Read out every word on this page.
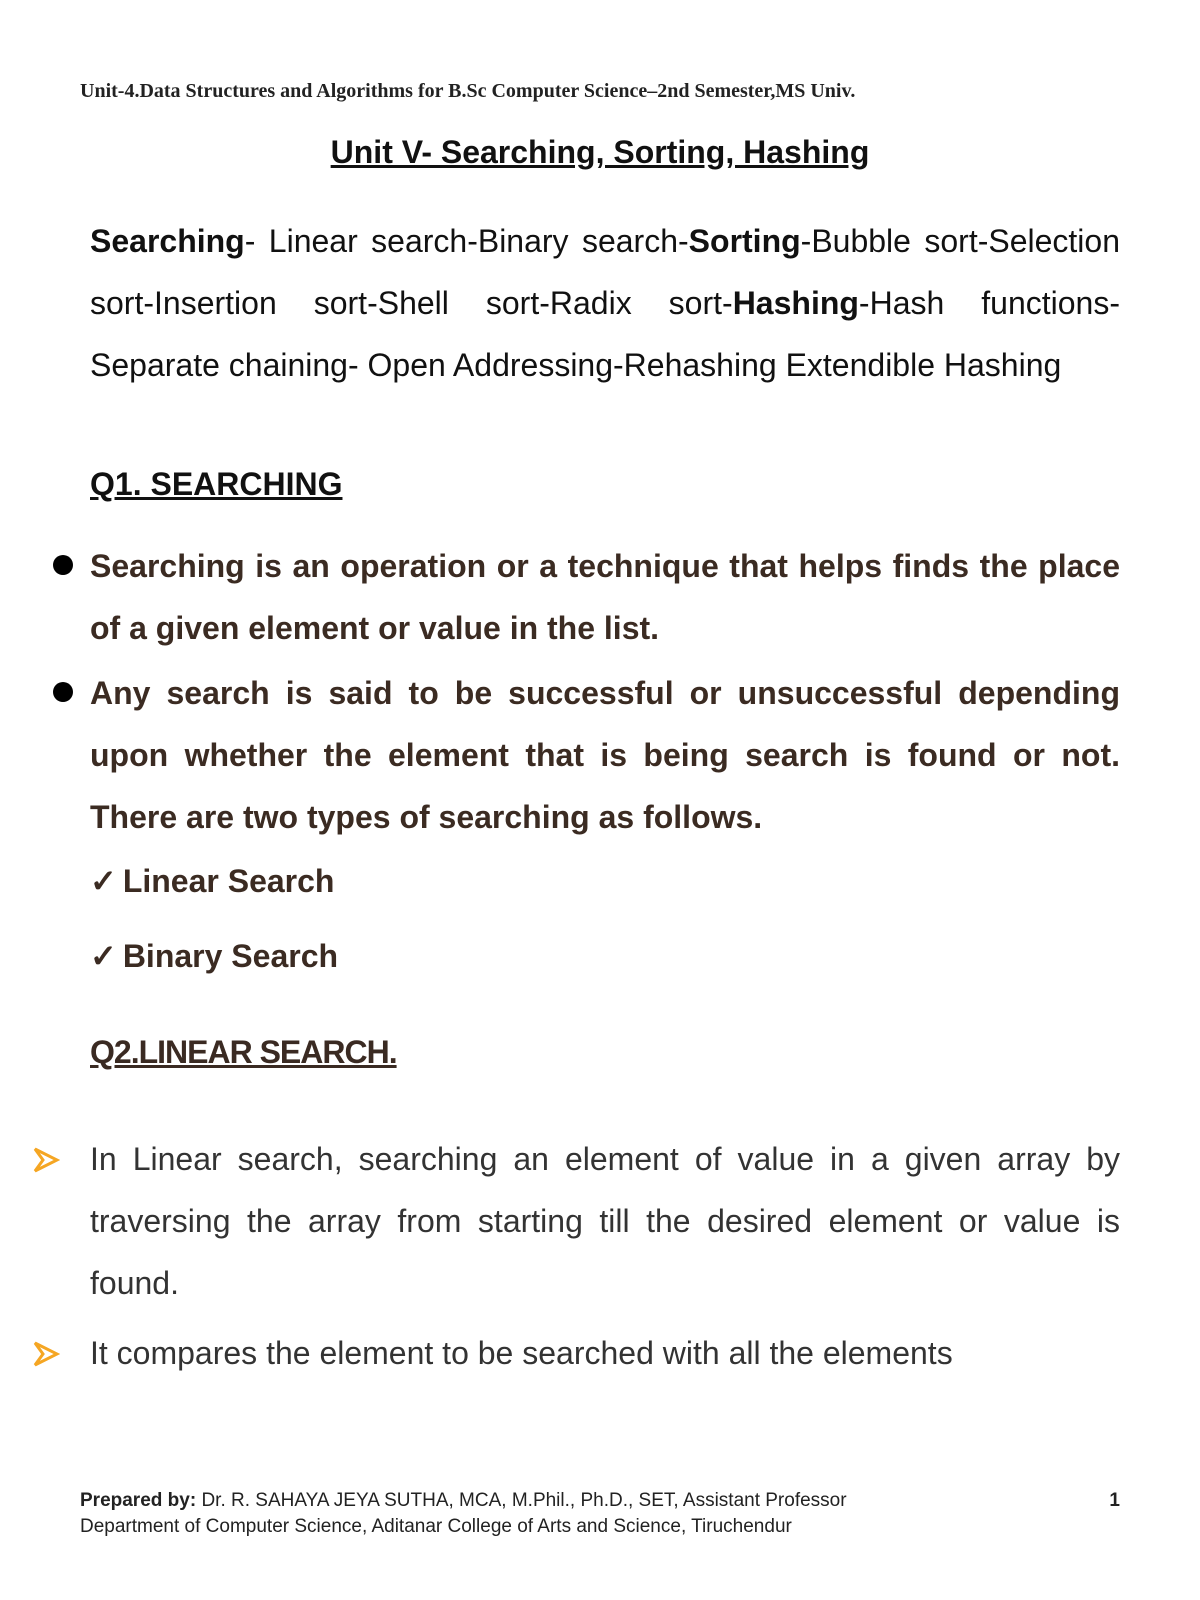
Unit-4.Data Structures and Algorithms for B.Sc Computer Science–2nd Semester,MS Univ.
Unit V- Searching, Sorting, Hashing
Searching- Linear search-Binary search-Sorting-Bubble sort-Selection sort-Insertion sort-Shell sort-Radix sort-Hashing-Hash functions-Separate chaining- Open Addressing-Rehashing Extendible Hashing
Q1. SEARCHING
Searching is an operation or a technique that helps finds the place of a given element or value in the list.
Any search is said to be successful or unsuccessful depending upon whether the element that is being search is found or not. There are two types of searching as follows.
✓ Linear Search
✓ Binary Search
Q2.LINEAR SEARCH.
In Linear search, searching an element of value in a given array by traversing the array from starting till the desired element or value is found.
It compares the element to be searched with all the elements
Prepared by: Dr. R. SAHAYA JEYA SUTHA, MCA, M.Phil., Ph.D., SET, Assistant Professor
Department of Computer Science, Aditanar College of Arts and Science, Tiruchendur
1
